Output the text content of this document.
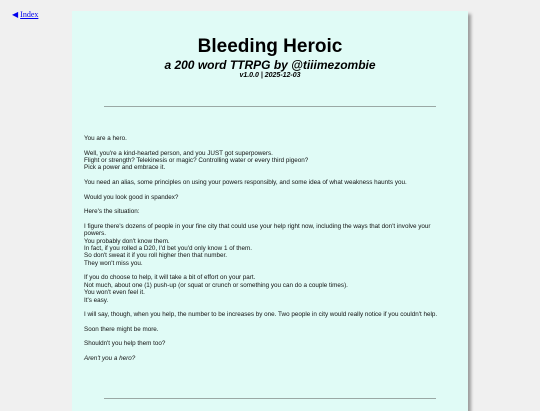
◀ Index
Bleeding Heroic
a 200 word TTRPG by @tiiimezombie
v1.0.0 | 2025-12-03

You are a hero.

Well, you're a kind-hearted person, and you JUST got superpowers.
Flight or strength? Telekinesis or magic? Controlling water or every third pigeon?
Pick a power and embrace it.

You need an alias, some principles on using your powers responsibly, and some idea of what weakness haunts you.

Would you look good in spandex?

Here's the situation:

I figure there's dozens of people in your fine city that could use your help right now, including the ways that don't involve your powers.
You probably don't know them.
In fact, if you rolled a D20, I'd bet you'd only know 1 of them.
So don't sweat it if you roll higher then that number.
They won't miss you.

If you do choose to help, it will take a bit of effort on your part.
Not much, about one (1) push-up (or squat or crunch or something you can do a couple times).
You won't even feel it.
It's easy.

I will say, though, when you help, the number to be increases by one. Two people in city would really notice if you couldn't help.

Soon there might be more.

Shouldn't you help them too?

Aren't you a hero?
